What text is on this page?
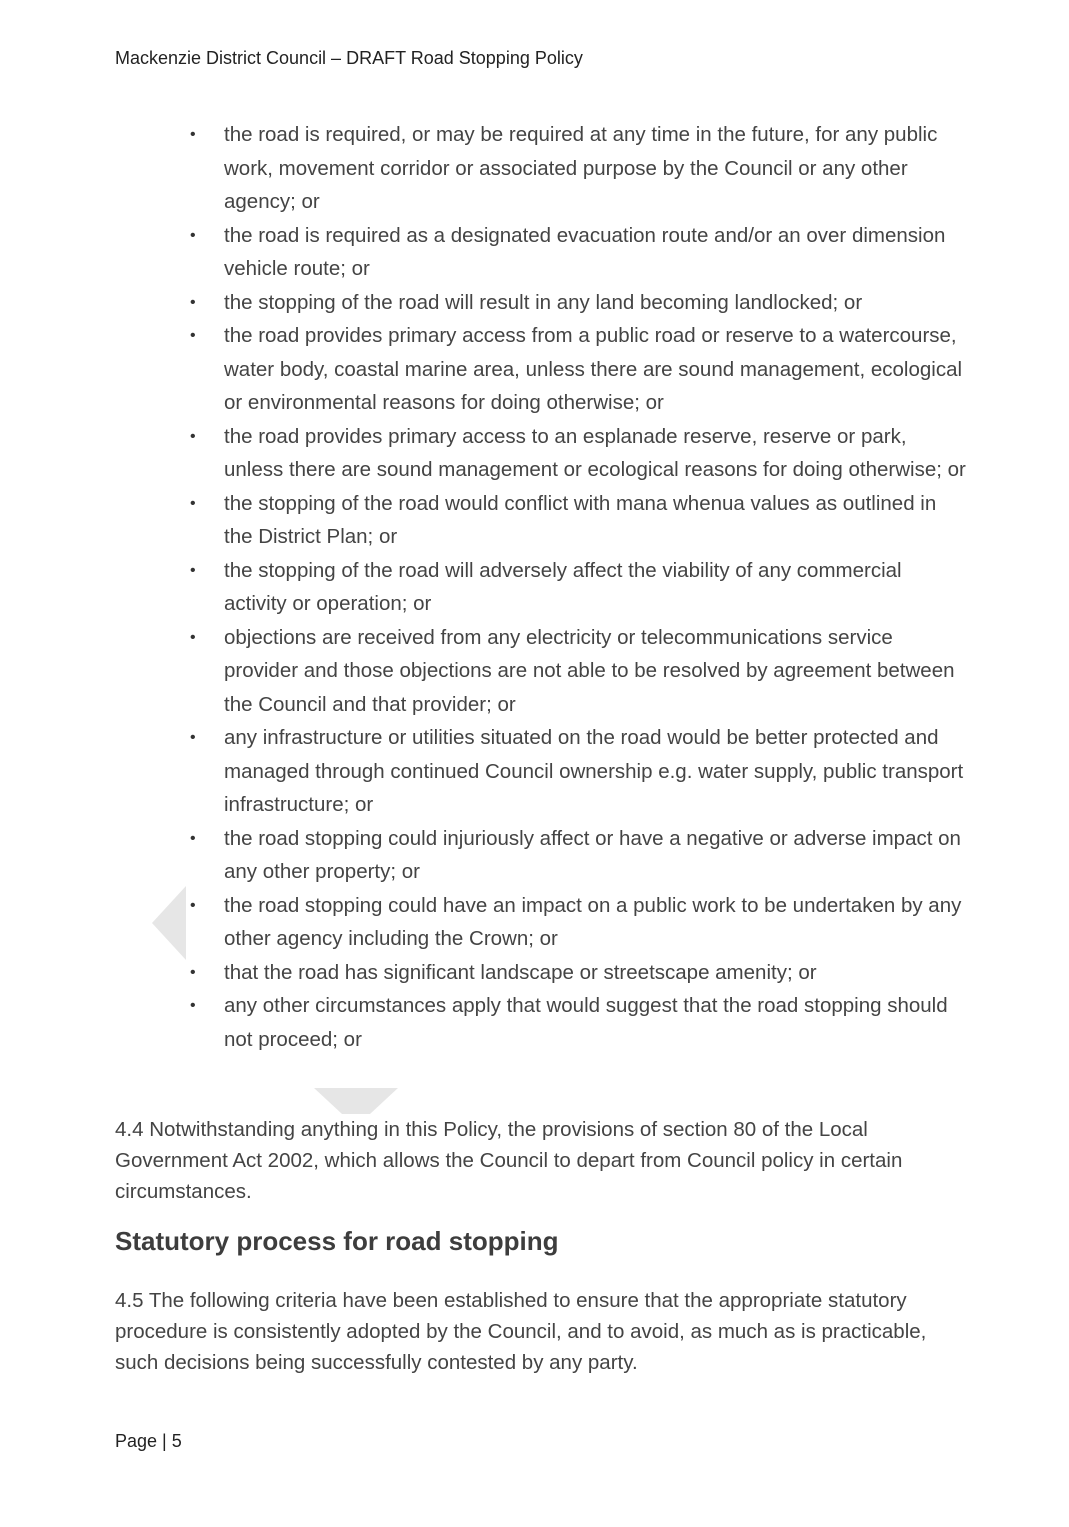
Mackenzie District Council – DRAFT Road Stopping Policy
•	the road is required, or may be required at any time in the future, for any public work, movement corridor or associated purpose by the Council or any other agency; or
•	the road is required as a designated evacuation route and/or an over dimension vehicle route; or
•	the stopping of the road will result in any land becoming landlocked; or
•	the road provides primary access from a public road or reserve to a watercourse, water body, coastal marine area, unless there are sound management, ecological or environmental reasons for doing otherwise; or
•	the road provides primary access to an esplanade reserve, reserve or park, unless there are sound management or ecological reasons for doing otherwise; or
•	the stopping of the road would conflict with mana whenua values as outlined in the District Plan; or
•	the stopping of the road will adversely affect the viability of any commercial activity or operation; or
•	objections are received from any electricity or telecommunications service provider and those objections are not able to be resolved by agreement between the Council and that provider; or
•	any infrastructure or utilities situated on the road would be better protected and managed through continued Council ownership e.g. water supply, public transport infrastructure; or
•	the road stopping could injuriously affect or have a negative or adverse impact on any other property; or
•	the road stopping could have an impact on a public work to be undertaken by any other agency including the Crown; or
•	that the road has significant landscape or streetscape amenity; or
•	any other circumstances apply that would suggest that the road stopping should not proceed; or

4.4 Notwithstanding anything in this Policy, the provisions of section 80 of the Local Government Act 2002, which allows the Council to depart from Council policy in certain circumstances.

Statutory process for road stopping

4.5 The following criteria have been established to ensure that the appropriate statutory procedure is consistently adopted by the Council, and to avoid, as much as is practicable, such decisions being successfully contested by any party.

Page | 5
